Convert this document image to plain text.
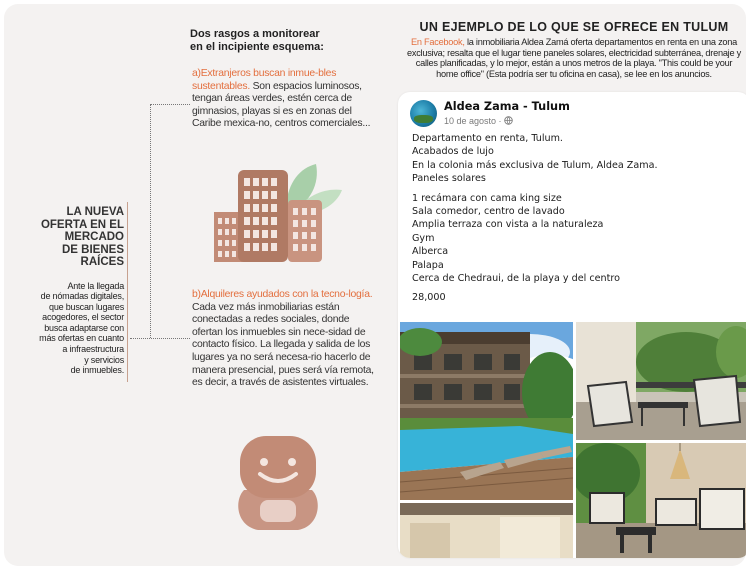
LA NUEVA
OFERTA EN EL
MERCADO
DE BIENES
RAÍCES
Ante la llegada
de nómadas digitales,
que buscan lugares
acogedores, el sector
busca adaptarse con
más ofertas en cuanto
a infraestructura
y servicios
de inmuebles.
Dos rasgos a monitorear
en el incipiente esquema:
a)Extranjeros buscan inmue-bles sustentables. Son espacios luminosos, tengan áreas verdes, estén cerca de gimnasios, playas si es en zonas del Caribe mexica-no, centros comerciales...
b)Alquileres ayudados con la tecno-logía. Cada vez más inmobiliarias están conectadas a redes sociales, donde ofertan los inmuebles sin nece-sidad de contacto físico. La llegada y salida de los lugares ya no será necesa-rio hacerlo de manera presencial, pues será vía remota, es decir, a través de asistentes virtuales.
UN EJEMPLO DE LO QUE SE OFRECE EN TULUM
En Facebook, la inmobiliaria Aldea Zamá oferta departamentos en renta en una zona exclusiva; resalta que el lugar tiene paneles solares, electricidad subterránea, drenaje y calles planificadas, y lo mejor, están a unos metros de la playa. "This could be your home office" (Esta podría ser tu oficina en casa), se lee en los anuncios.
Aldea Zama - Tulum
10 de agosto ·
Departamento en renta, Tulum.
Acabados de lujo
En la colonia más exclusiva de Tulum, Aldea Zama.
Paneles solares
1 recámara con cama king size
Sala comedor, centro de lavado
Amplia terraza con vista a la naturaleza
Gym
Alberca
Palapa
Cerca de Chedraui, de la playa y del centro
28,000
